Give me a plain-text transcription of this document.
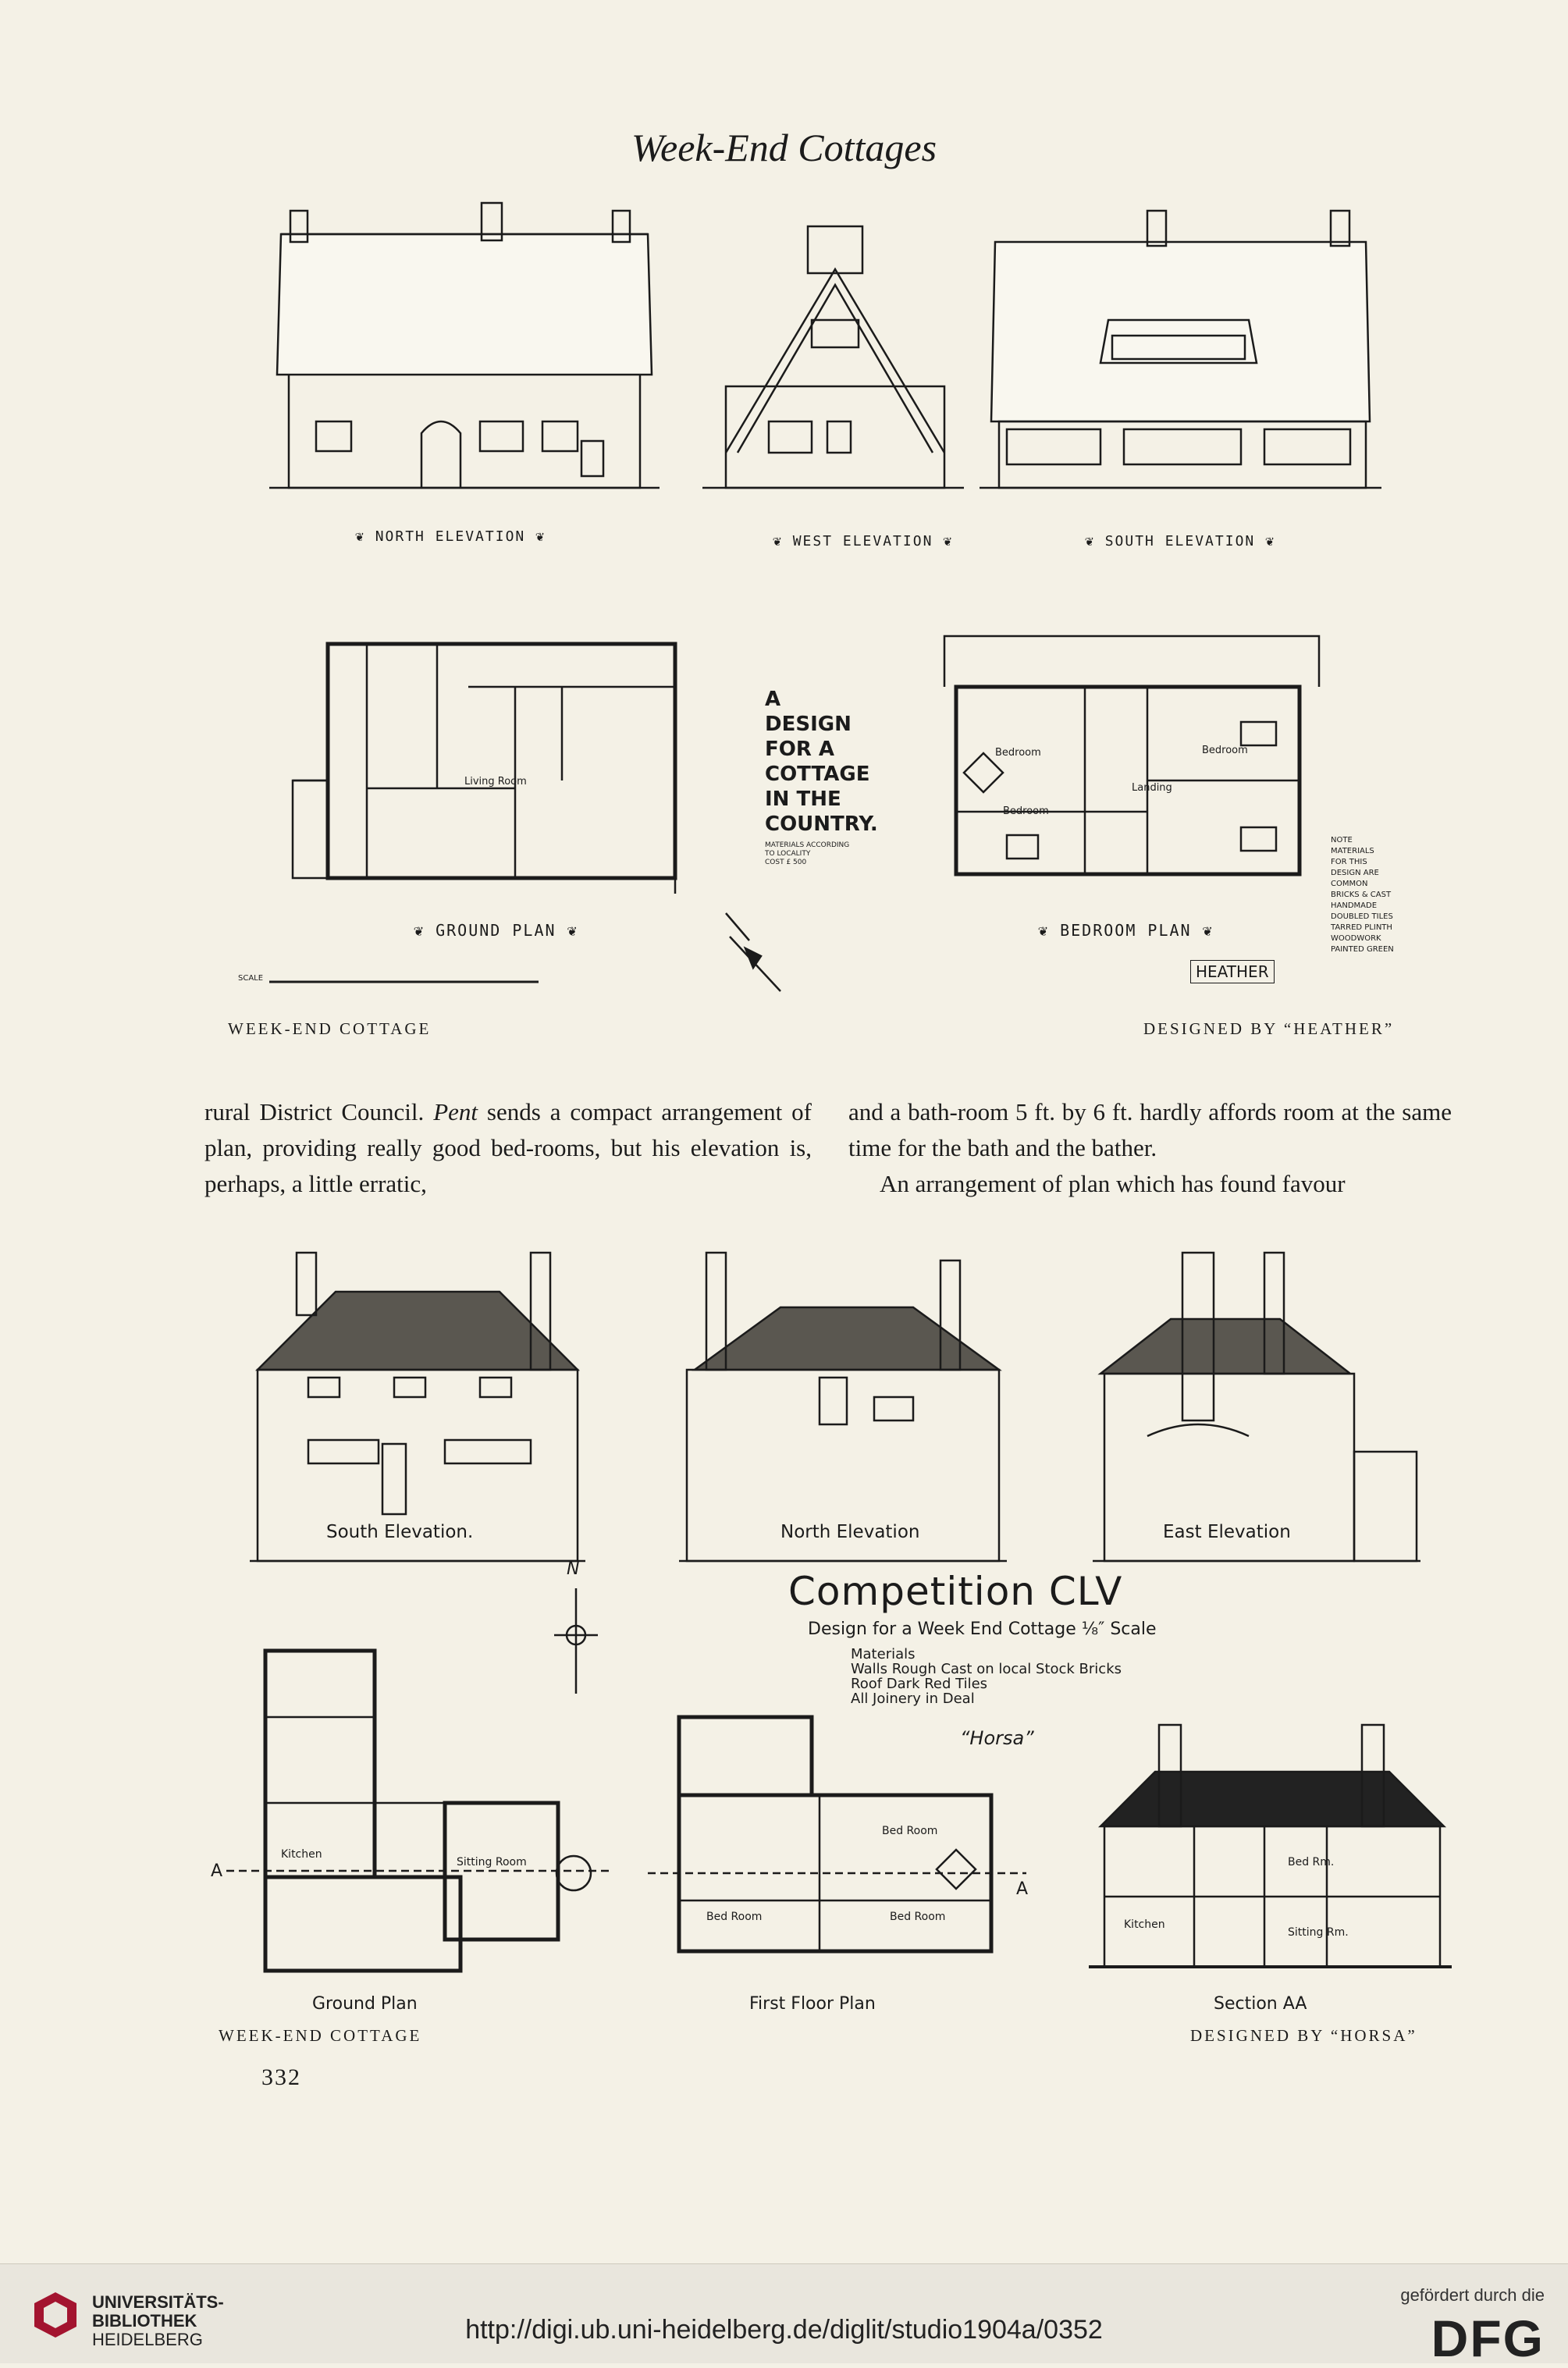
Week-End Cottages
Living Room
Bedroom	Bedroom
Bedroom
Landing
❦ NORTH ELEVATION ❦	❦ WEST ELEVATION ❦	❦ SOUTH ELEVATION ❦
❦ GROUND PLAN ❦	❦ BEDROOM PLAN ❦
A DESIGN
FOR A
COTTAGE
IN THE
COUNTRY.
MATERIALS ACCORDING
TO LOCALITY
COST £ 500
NOTE
MATERIALS
FOR THIS
DESIGN ARE
COMMON
BRICKS & CAST
HANDMADE
DOUBLED TILES
TARRED PLINTH
WOODWORK
PAINTED GREEN
HEATHER
SCALE
WEEK-END COTTAGE	DESIGNED BY “HEATHER”

rural District Council. Pent sends a compact arrangement of plan, providing really good bed-rooms, but his elevation is, perhaps, a little erratic,

and a bath-room 5 ft. by 6 ft. hardly affords room at the same time for the bath and the bather.

An arrangement of plan which has found favour

Bed Rm.
Sitting Rm.
Kitchen
Kitchen
Sitting Room
Bed Room	Bed Room
Bed Room
South Elevation.	North Elevation	East Elevation
N	Competition CLV
Design for a Week End Cottage ⅛″ Scale
Materials
Walls Rough Cast on local Stock Bricks
Roof Dark Red Tiles
All Joinery in Deal
“Horsa”
A
A
Ground Plan	First Floor Plan	Section AA
WEEK-END COTTAGE	DESIGNED BY “HORSA”
332
UNIVERSITÄTS-
BIBLIOTHEK
HEIDELBERG	http://digi.ub.uni-heidelberg.de/diglit/studio1904a/0352
gefördert durch die
DFG
